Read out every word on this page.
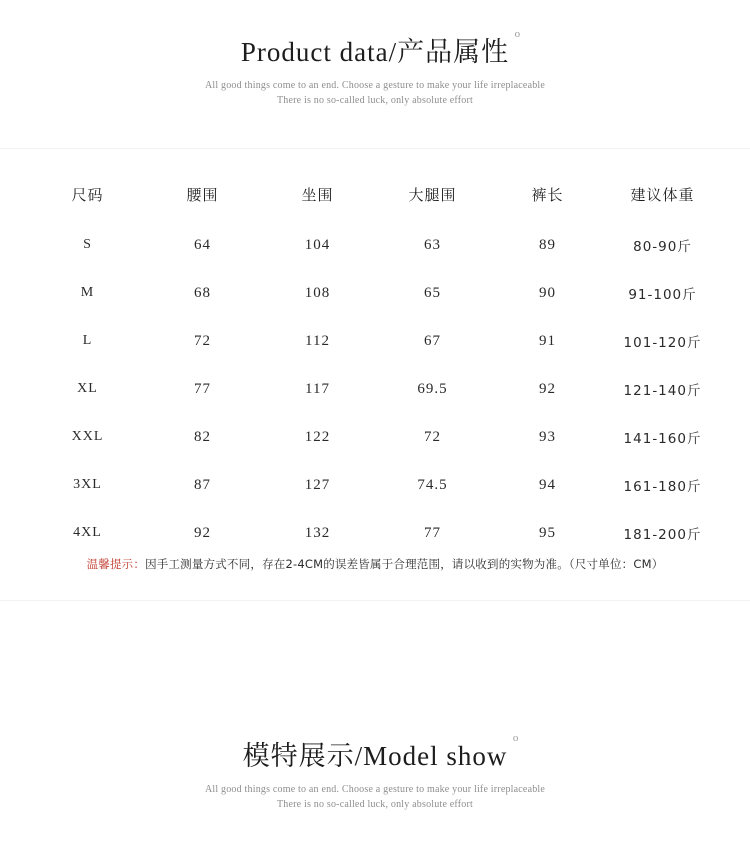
Product data/产品属性
o
All good things come to an end. Choose a gesture to make your life irreplaceable
There is no so-called luck, only absolute effort
尺码	腰围	坐围	大腿围	裤长	建议体重
S	64	104	63	89	80-90斤
M	68	108	65	90	91-100斤
L	72	112	67	91	101-120斤
XL	77	117	69.5	92	121-140斤
XXL	82	122	72	93	141-160斤
3XL	87	127	74.5	94	161-180斤
4XL	92	132	77	95	181-200斤
温馨提示：因手工测量方式不同，存在2-4CM的误差皆属于合理范围，请以收到的实物为准。（尺寸单位：CM）
模特展示/Model show
o
All good things come to an end. Choose a gesture to make your life irreplaceable
There is no so-called luck, only absolute effort
